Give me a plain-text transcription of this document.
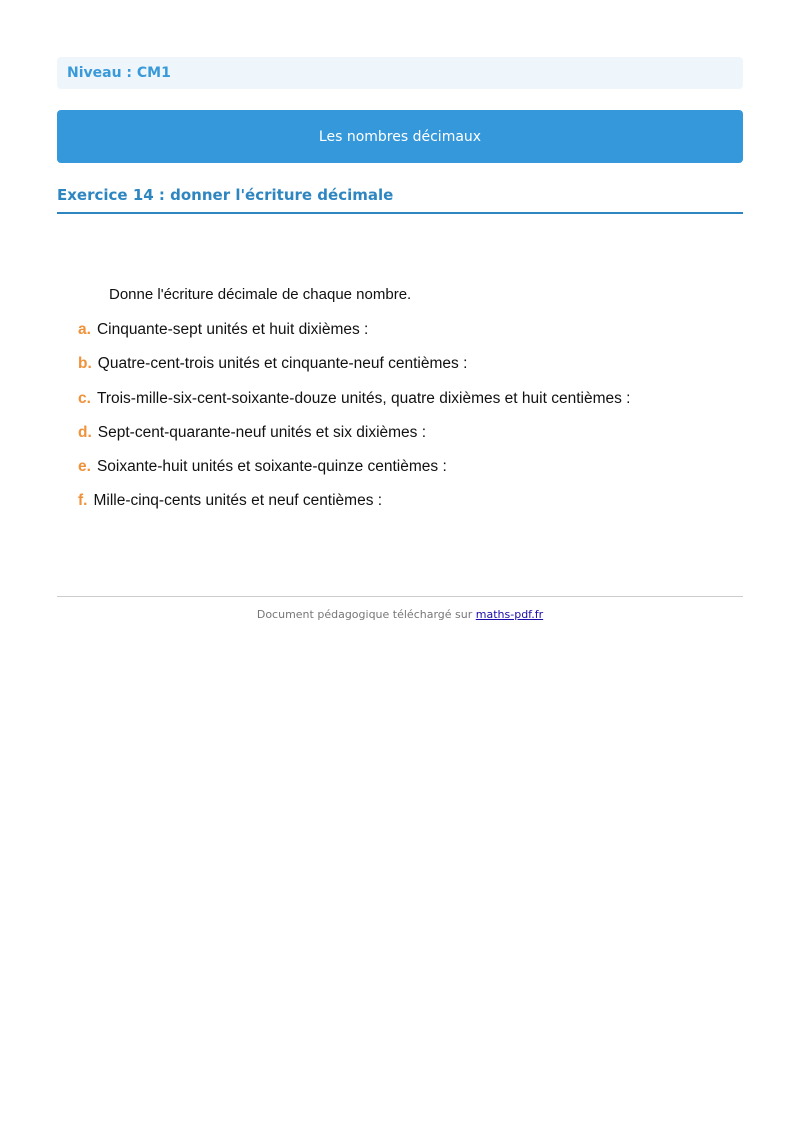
Niveau : CM1
Les nombres décimaux
Exercice 14 : donner l'écriture décimale
Donne l'écriture décimale de chaque nombre.
a. Cinquante-sept unités et huit dixièmes :
b. Quatre-cent-trois unités et cinquante-neuf centièmes :
c. Trois-mille-six-cent-soixante-douze unités, quatre dixièmes et huit centièmes :
d. Sept-cent-quarante-neuf unités et six dixièmes :
e. Soixante-huit unités et soixante-quinze centièmes :
f. Mille-cinq-cents unités et neuf centièmes :
Document pédagogique téléchargé sur maths-pdf.fr
